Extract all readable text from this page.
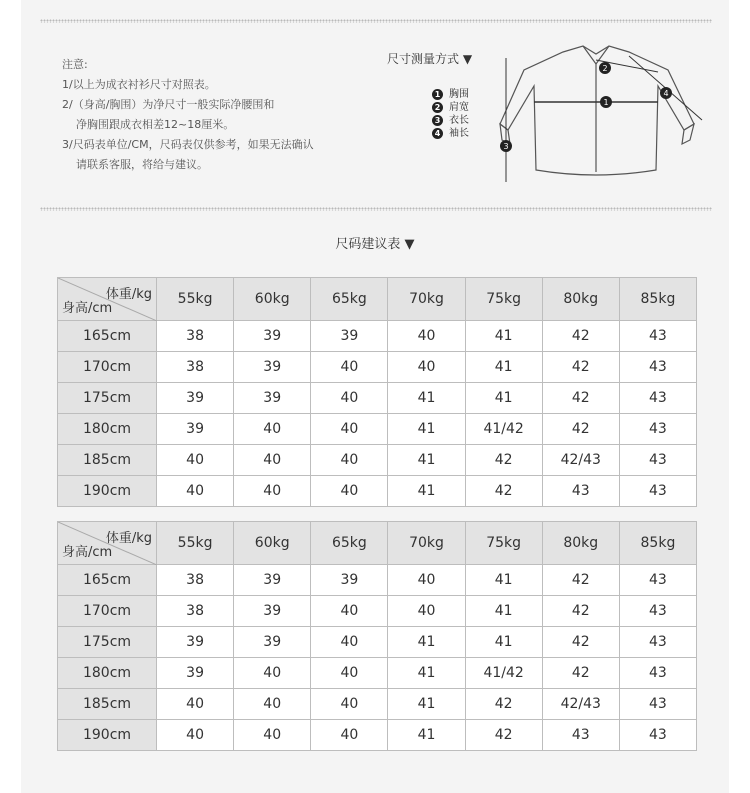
注意:
1/以上为成衣衬衫尺寸对照表。
2/（身高/胸围）为净尺寸一般实际净腰围和
净胸围跟成衣相差12~18厘米。
3/尺码表单位/CM，尺码表仅供参考，如果无法确认
请联系客服，将给与建议。
尺寸测量方式 ▼
1 胸围
2 肩宽
3 衣长
4 袖长
1
2
3
4
尺码建议表 ▼
体重/kg
身高/cm	55kg	60kg	65kg	70kg	75kg	80kg	85kg
165cm	38	39	39	40	41	42	43
170cm	38	39	40	40	41	42	43
175cm	39	39	40	41	41	42	43
180cm	39	40	40	41	41/42	42	43
185cm	40	40	40	41	42	42/43	43
190cm	40	40	40	41	42	43	43
体重/kg
身高/cm	55kg	60kg	65kg	70kg	75kg	80kg	85kg
165cm	38	39	39	40	41	42	43
170cm	38	39	40	40	41	42	43
175cm	39	39	40	41	41	42	43
180cm	39	40	40	41	41/42	42	43
185cm	40	40	40	41	42	42/43	43
190cm	40	40	40	41	42	43	43
